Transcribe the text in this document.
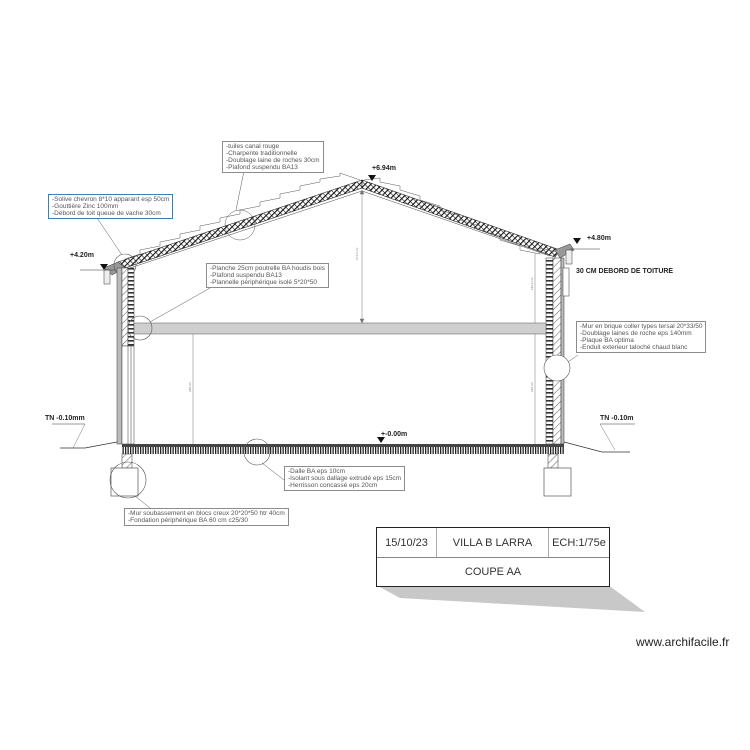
274.4 cm
268 cm
182.2 cm
260 cm
-tuiles canal rouge
-Charpente traditionnelle
-Doublage laine de roches 30cm
-Plafond suspendu BA13
-Solive chevron 8*10 apparant esp 50cm
-Gouttière Zinc 100mm
-Débord de toit queue de vache 30cm
-Planche 25cm poutrelle BA houdis bois
-Plafond suspendu BA13
-Plannelle périphérique isolé 5*20*50
-Mur en brique coller types tersal 20*33/50
-Doublage laines de roche eps 140mm
-Plaque BA optima
-Enduit exterieur taloché chaud blanc
-Dalle BA eps 10cm
-Isolant sous dallage extrudé eps 15cm
-Herrisson concassé eps 20cm
-Mur soubassement en blocs creux 20*20*50 htr 40cm
-Fondation périphérique BA 60 cm c25/30
+6.94m
+4.20m
+4.80m
+-0.00m
TN -0.10mm	TN -0.10m
30 CM DEBORD DE TOITURE
15/10/23	VILLA B LARRA	ECH:1/75e
COUPE AA
www.archifacile.fr
